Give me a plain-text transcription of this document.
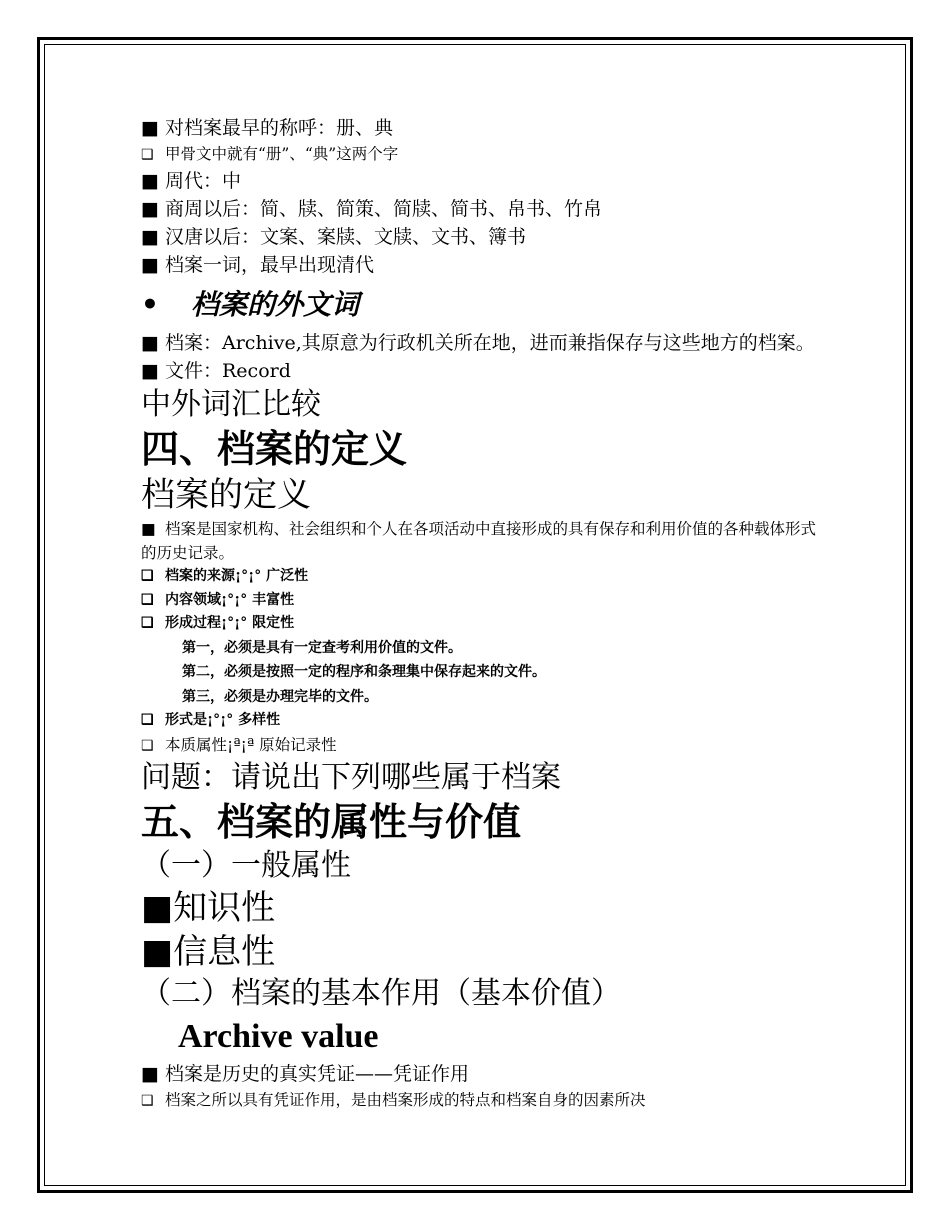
■ 对档案最早的称呼：册、典

❑ 甲骨文中就有“册”、“典”这两个字

■ 周代：中

■ 商周以后：简、牍、简策、简牍、简书、帛书、竹帛

■ 汉唐以后：文案、案牍、文牍、文书、簿书

■ 档案一词，最早出现清代

• 档案的外文词

■ 档案：Archive,其原意为行政机关所在地，进而兼指保存与这些地方的档案。

■ 文件：Record

中外词汇比较

四、档案的定义

档案的定义

■ 档案是国家机构、社会组织和个人在各项活动中直接形成的具有保存和利用价值的各种载体形式的历史记录。

❑ 档案的来源¡°¡° 广泛性

❑ 内容领域¡°¡° 丰富性

❑ 形成过程¡°¡° 限定性

第一，必须是具有一定查考利用价值的文件。

第二，必须是按照一定的程序和条理集中保存起来的文件。

第三，必须是办理完毕的文件。

❑ 形式是¡°¡° 多样性

❑ 本质属性¡ª¡ª 原始记录性

问题：请说出下列哪些属于档案

五、档案的属性与价值

（一）一般属性

■知识性

■信息性

（二）档案的基本作用（基本价值）

Archive value

■ 档案是历史的真实凭证——凭证作用

❑ 档案之所以具有凭证作用，是由档案形成的特点和档案自身的因素所决
